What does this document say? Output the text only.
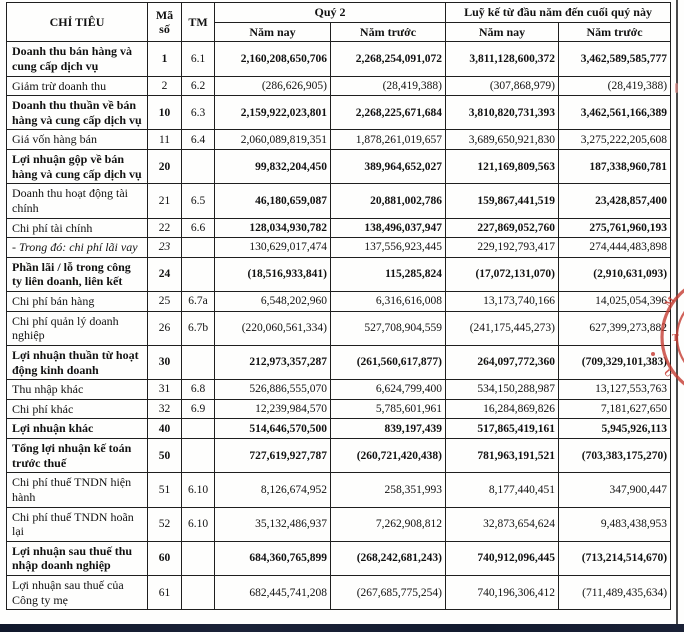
CHỈ TIÊU	Mã số	TM	Quý 2		Luỹ kế từ đầu năm đến cuối quý này	
			Năm nay	Năm trước	Năm nay	Năm trước
Doanh thu bán hàng và cung cấp dịch vụ	1	6.1	2,160,208,650,706	2,268,254,091,072	3,811,128,600,372	3,462,589,585,777
Giảm trừ doanh thu	2	6.2	(286,626,905)	(28,419,388)	(307,868,979)	(28,419,388)
Doanh thu thuần về bán hàng và cung cấp dịch vụ	10	6.3	2,159,922,023,801	2,268,225,671,684	3,810,820,731,393	3,462,561,166,389
Giá vốn hàng bán	11	6.4	2,060,089,819,351	1,878,261,019,657	3,689,650,921,830	3,275,222,205,608
Lợi nhuận gộp về bán hàng và cung cấp dịch vụ	20		99,832,204,450	389,964,652,027	121,169,809,563	187,338,960,781
Doanh thu hoạt động tài chính	21	6.5	46,180,659,087	20,881,002,786	159,867,441,519	23,428,857,400
Chi phí tài chính	22	6.6	128,034,930,782	138,496,037,947	227,869,052,760	275,761,960,193
- Trong đó: chi phí lãi vay	23		130,629,017,474	137,556,923,445	229,192,793,417	274,444,483,898
Phần lãi / lỗ trong công ty liên doanh, liên kết	24		(18,516,933,841)	115,285,824	(17,072,131,070)	(2,910,631,093)
Chi phí bán hàng	25	6.7a	6,548,202,960	6,316,616,008	13,173,740,166	14,025,054,396
Chi phí quản lý doanh nghiệp	26	6.7b	(220,060,561,334)	527,708,904,559	(241,175,445,273)	627,399,273,882
Lợi nhuận thuần từ hoạt động kinh doanh	30		212,973,357,287	(261,560,617,877)	264,097,772,360	(709,329,101,383)
Thu nhập khác	31	6.8	526,886,555,070	6,624,799,400	534,150,288,987	13,127,553,763
Chi phí khác	32	6.9	12,239,984,570	5,785,601,961	16,284,869,826	7,181,627,650
Lợi nhuận khác	40		514,646,570,500	839,197,439	517,865,419,161	5,945,926,113
Tổng lợi nhuận kế toán trước thuế	50		727,619,927,787	(260,721,420,438)	781,963,191,521	(703,383,175,270)
Chi phí thuế TNDN hiện hành	51	6.10	8,126,674,952	258,351,993	8,177,440,451	347,900,447
Chi phí thuế TNDN hoãn lại	52	6.10	35,132,486,937	7,262,908,812	32,873,654,624	9,483,438,953
Lợi nhuận sau thuế thu nhập doanh nghiệp	60		684,360,765,899	(268,242,681,243)	740,912,096,445	(713,214,514,670)
Lợi nhuận sau thuế của Công ty mẹ	61		682,445,741,208	(267,685,775,254)	740,196,306,412	(711,489,435,634)
M
T
U
